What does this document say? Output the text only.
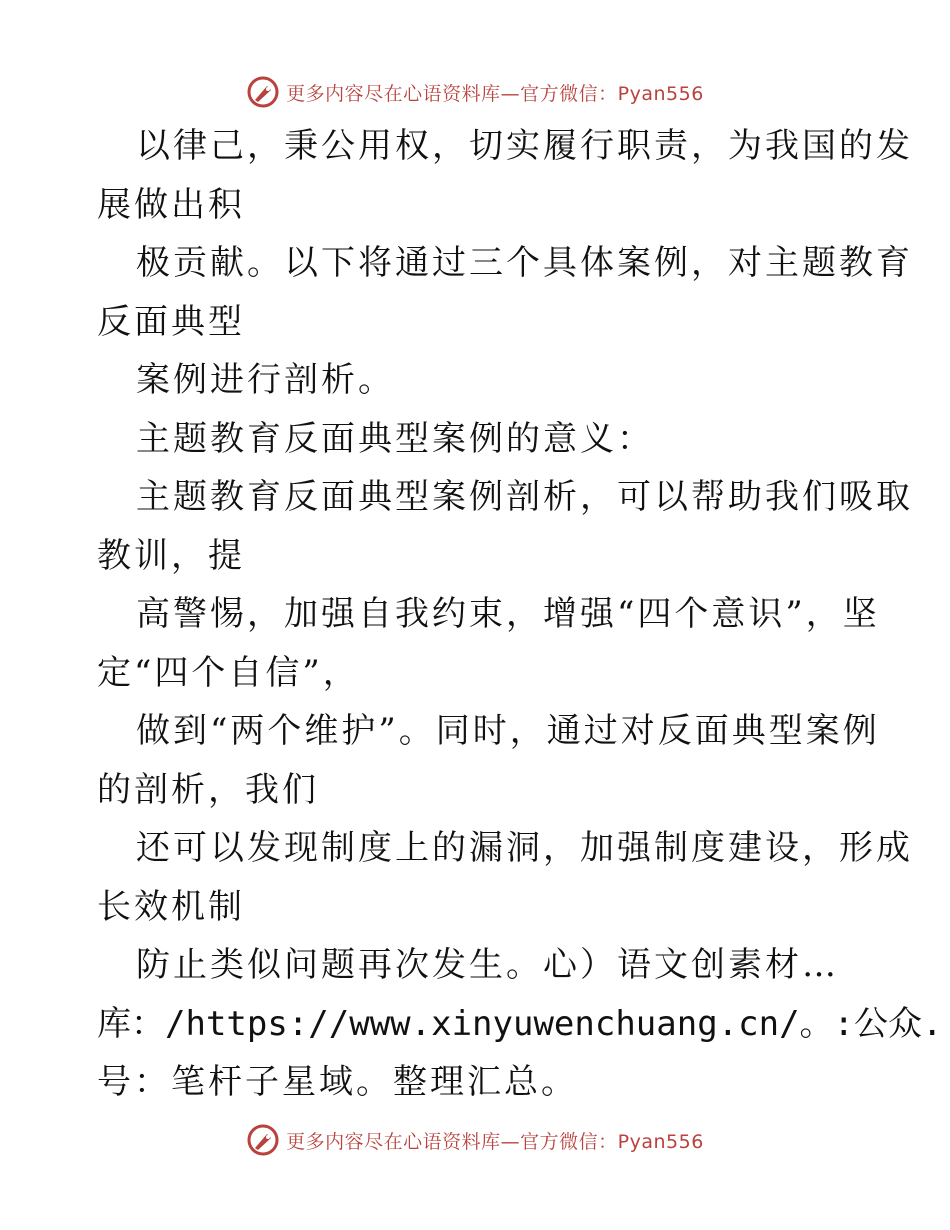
更多内容尽在心语资料库—官方微信：Pyan556
以律己，秉公用权，切实履行职责，为我国的发
展做出积
极贡献。以下将通过三个具体案例，对主题教育
反面典型
案例进行剖析。
主题教育反面典型案例的意义：
主题教育反面典型案例剖析，可以帮助我们吸取
教训，提
高警惕，加强自我约束，增强“四个意识”，坚
定“四个自信”，
做到“两个维护”。同时，通过对反面典型案例
的剖析，我们
还可以发现制度上的漏洞，加强制度建设，形成
长效机制
防止类似问题再次发生。心）语文创素材…
库：/https://www.xinyuwenchuang.cn/。:公众.
号：笔杆子星域。整理汇总。
更多内容尽在心语资料库—官方微信：Pyan556
